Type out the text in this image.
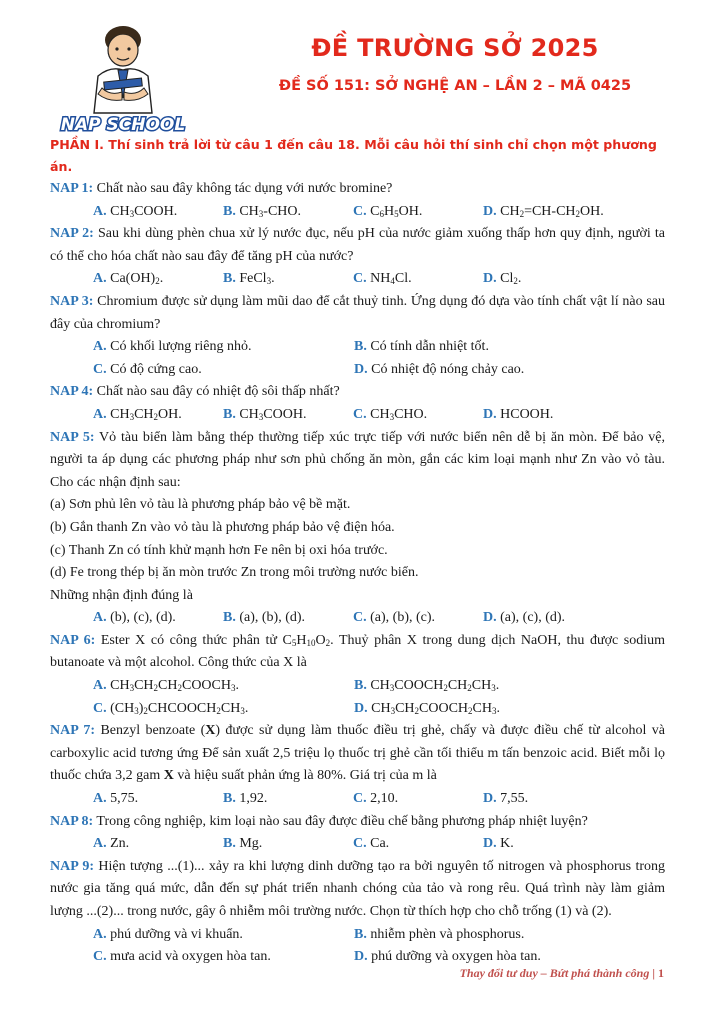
NAP SCHOOL
ĐỀ TRƯỜNG SỞ 2025
ĐỀ SỐ 151: SỞ NGHỆ AN – LẦN 2 – MÃ 0425
PHẦN I. Thí sinh trả lời từ câu 1 đến câu 18. Mỗi câu hỏi thí sinh chỉ chọn một phương án.
NAP 1: Chất nào sau đây không tác dụng với nước bromine?
A. $CH_3COOH$.	B. $CH_3$-CHO.	C. $C_6H_5OH$.	D. $CH_2=CH-CH_2OH$.
NAP 2: Sau khi dùng phèn chua xử lý nước đục, nếu pH của nước giảm xuống thấp hơn quy định, người ta có thể cho hóa chất nào sau đây để tăng pH của nước?
A. $Ca(OH)_2$.	B. FeCl$_3$.	C. $NH_4Cl$.	D. $Cl_2$.
NAP 3: Chromium được sử dụng làm mũi dao để cắt thuỷ tinh. Ứng dụng đó dựa vào tính chất vật lí nào sau đây của chromium?
A. Có khối lượng riêng nhỏ.	B. Có tính dẫn nhiệt tốt.
C. Có độ cứng cao.	D. Có nhiệt độ nóng chảy cao.
NAP 4: Chất nào sau đây có nhiệt độ sôi thấp nhất?
A. $CH_3CH_2OH$.	B. $CH_3COOH$.	C. $CH_3CHO$.	D. HCOOH.
NAP 5: Vỏ tàu biển làm bằng thép thường tiếp xúc trực tiếp với nước biển nên dễ bị ăn mòn. Để bảo vệ, người ta áp dụng các phương pháp như sơn phủ chống ăn mòn, gắn các kim loại mạnh như Zn vào vỏ tàu. Cho các nhận định sau:
(a) Sơn phủ lên vỏ tàu là phương pháp bảo vệ bề mặt.
(b) Gắn thanh Zn vào vỏ tàu là phương pháp bảo vệ điện hóa.
(c) Thanh Zn có tính khử mạnh hơn Fe nên bị oxi hóa trước.
(d) Fe trong thép bị ăn mòn trước Zn trong môi trường nước biển.
Những nhận định đúng là
A. (b), (c), (d).	B. (a), (b), (d).	C. (a), (b), (c).	D. (a), (c), (d).
NAP 6: Ester X có công thức phân tử $C_5H_{10}O_2$. Thuỷ phân X trong dung dịch NaOH, thu được sodium butanoate và một alcohol. Công thức của X là
A. $CH_3CH_2CH_2COOCH_3$.	B. $CH_3COOCH_2CH_2CH_3$.
C. $(CH_3)_2CHCOOCH_2CH_3$.	D. $CH_3CH_2COOCH_2CH_3$.
NAP 7: Benzyl benzoate (X) được sử dụng làm thuốc điều trị ghẻ, chấy và được điều chế từ alcohol và carboxylic acid tương ứng Để sản xuất 2,5 triệu lọ thuốc trị ghẻ cần tối thiểu m tấn benzoic acid. Biết mỗi lọ thuốc chứa 3,2 gam X và hiệu suất phản ứng là 80%. Giá trị của m là
A. 5,75.	B. 1,92.	C. 2,10.	D. 7,55.
NAP 8: Trong công nghiệp, kim loại nào sau đây được điều chế bằng phương pháp nhiệt luyện?
A. Zn.	B. Mg.	C. Ca.	D. K.
NAP 9: Hiện tượng ...(1)... xảy ra khi lượng dinh dưỡng tạo ra bởi nguyên tố nitrogen và phosphorus trong nước gia tăng quá mức, dẫn đến sự phát triển nhanh chóng của tảo và rong rêu. Quá trình này làm giảm lượng ...(2)... trong nước, gây ô nhiễm môi trường nước. Chọn từ thích hợp cho chỗ trống (1) và (2).
A. phú dưỡng và vi khuẩn.	B. nhiễm phèn và phosphorus.
C. mưa acid và oxygen hòa tan.	D. phú dưỡng và oxygen hòa tan.
Thay đổi tư duy – Bứt phá thành công | 1
